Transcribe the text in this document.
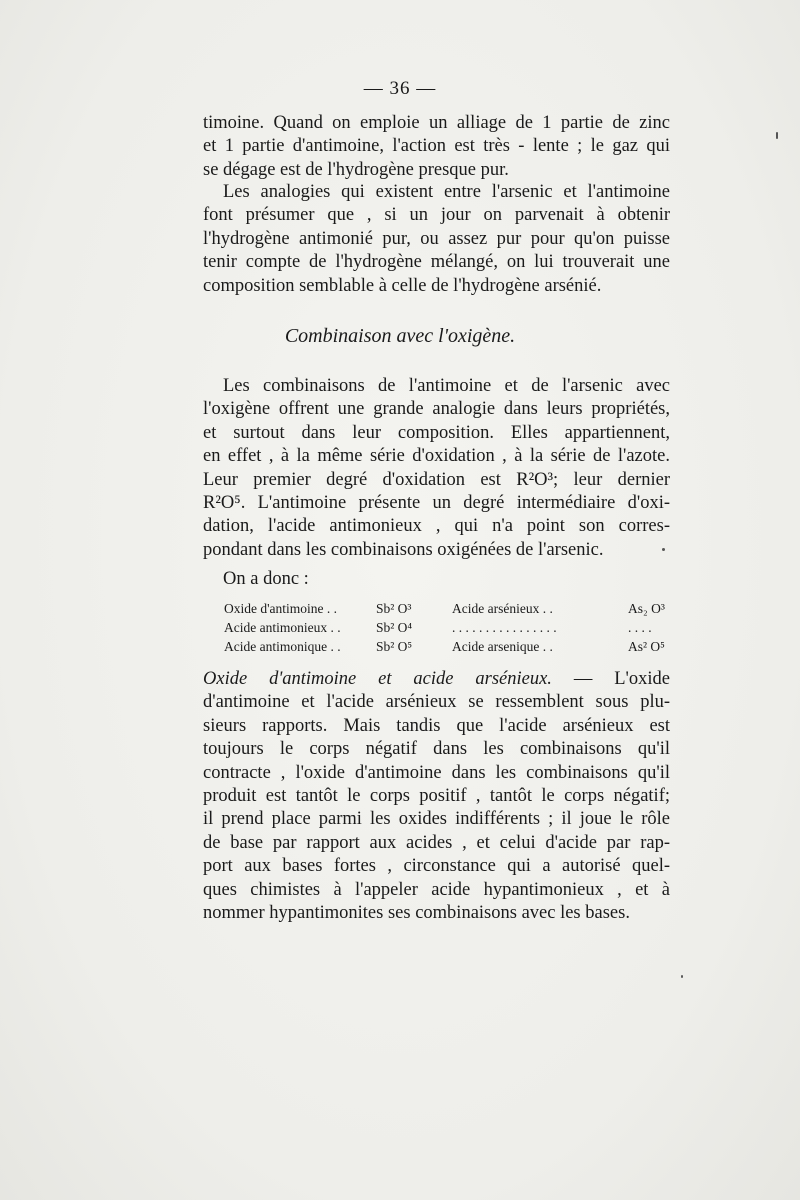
— 36 —
timoine. Quand on emploie un alliage de 1 partie de zinc
et 1 partie d'antimoine, l'action est très - lente ; le gaz qui
se dégage est de l'hydrogène presque pur.
Les analogies qui existent entre l'arsenic et l'antimoine
font présumer que , si un jour on parvenait à obtenir
l'hydrogène antimonié pur, ou assez pur pour qu'on puisse
tenir compte de l'hydrogène mélangé, on lui trouverait une
composition semblable à celle de l'hydrogène arsénié.
Combinaison avec l'oxigène.
Les combinaisons de l'antimoine et de l'arsenic avec
l'oxigène offrent une grande analogie dans leurs propriétés,
et surtout dans leur composition. Elles appartiennent,
en effet , à la même série d'oxidation , à la série de l'azote.
Leur premier degré d'oxidation est R²O³; leur dernier
R²O⁵. L'antimoine présente un degré intermédiaire d'oxi-
dation, l'acide antimonieux , qui n'a point son corres-
pondant dans les combinaisons oxigénées de l'arsenic.
On a donc :
Oxide d'antimoine . .	Sb² O³	Acide arsénieux . .	As₂ O³
Acide antimonieux . .	Sb² O⁴	. . . . . . . . . . . . . . . .	. . . .
Acide antimonique . .	Sb² O⁵	Acide arsenique . .	As² O⁵
Oxide d'antimoine et acide arsénieux. — L'oxide
d'antimoine et l'acide arsénieux se ressemblent sous plu-
sieurs rapports. Mais tandis que l'acide arsénieux est
toujours le corps négatif dans les combinaisons qu'il
contracte , l'oxide d'antimoine dans les combinaisons qu'il
produit est tantôt le corps positif , tantôt le corps négatif;
il prend place parmi les oxides indifférents ; il joue le rôle
de base par rapport aux acides , et celui d'acide par rap-
port aux bases fortes , circonstance qui a autorisé quel-
ques chimistes à l'appeler acide hypantimonieux , et à
nommer hypantimonites ses combinaisons avec les bases.
